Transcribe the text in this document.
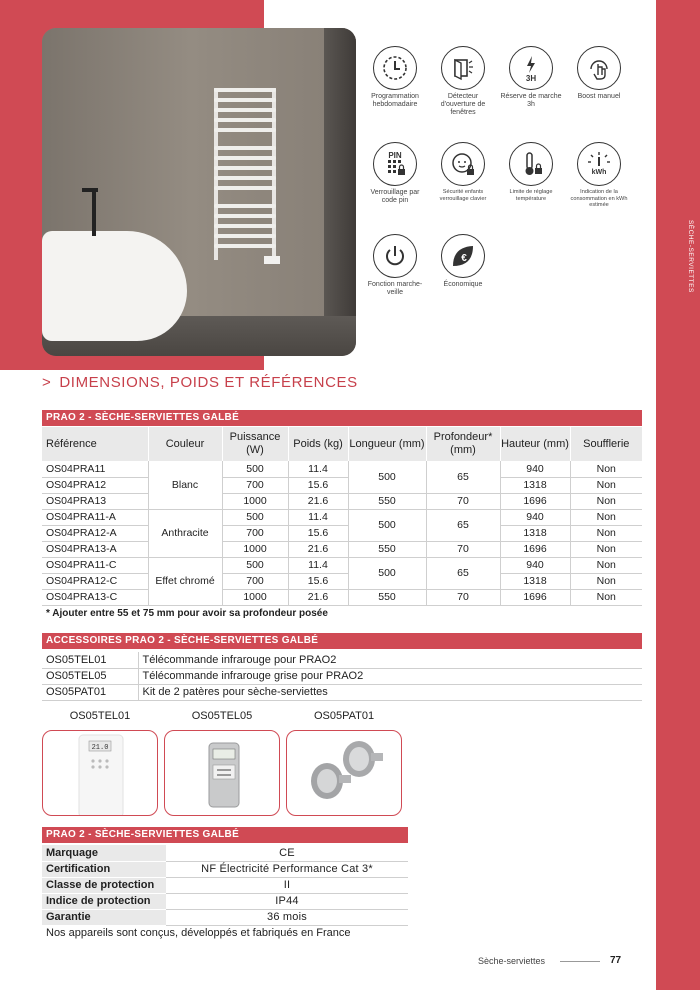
SÈCHE-SERVIETTES
Programmation hebdomadaire
Détecteur d'ouverture de fenêtres
3H
Réserve de marche 3h
Boost manuel
PIN
Verrouillage par code pin
Sécurité enfants verrouillage clavier
Limite de réglage température
kWh
Indication de la consommation en kWh estimée
Fonction marche-veille
€
Économique
> DIMENSIONS, POIDS ET RÉFÉRENCES
PRAO 2 - SÈCHE-SERVIETTES GALBÉ
Référence	Couleur	Puissance (W)	Poids (kg)	Longueur (mm)	Profondeur* (mm)	Hauteur (mm)	Soufflerie
OS04PRA11	Blanc	500	11.4	500	65	940	Non
OS04PRA12		700	15.6			1318	Non
OS04PRA13		1000	21.6	550	70	1696	Non
OS04PRA11-A	Anthracite	500	11.4	500	65	940	Non
OS04PRA12-A		700	15.6			1318	Non
OS04PRA13-A		1000	21.6	550	70	1696	Non
OS04PRA11-C	Effet chromé	500	11.4	500	65	940	Non
OS04PRA12-C		700	15.6			1318	Non
OS04PRA13-C		1000	21.6	550	70	1696	Non
* Ajouter entre 55 et 75 mm pour avoir sa profondeur posée
ACCESSOIRES PRAO 2 - SÈCHE-SERVIETTES GALBÉ
OS05TEL01	Télécommande infrarouge pour PRAO2
OS05TEL05	Télécommande infrarouge grise pour PRAO2
OS05PAT01	Kit de 2 patères pour sèche-serviettes
OS05TEL01	OS05TEL05	OS05PAT01
21.0
PRAO 2 - SÈCHE-SERVIETTES GALBÉ
Marquage	CE
Certification	NF Électricité Performance Cat 3*
Classe de protection	II
Indice de protection	IP44
Garantie	36 mois
Nos appareils sont conçus, développés et fabriqués en France
Sèche-serviettes	77
